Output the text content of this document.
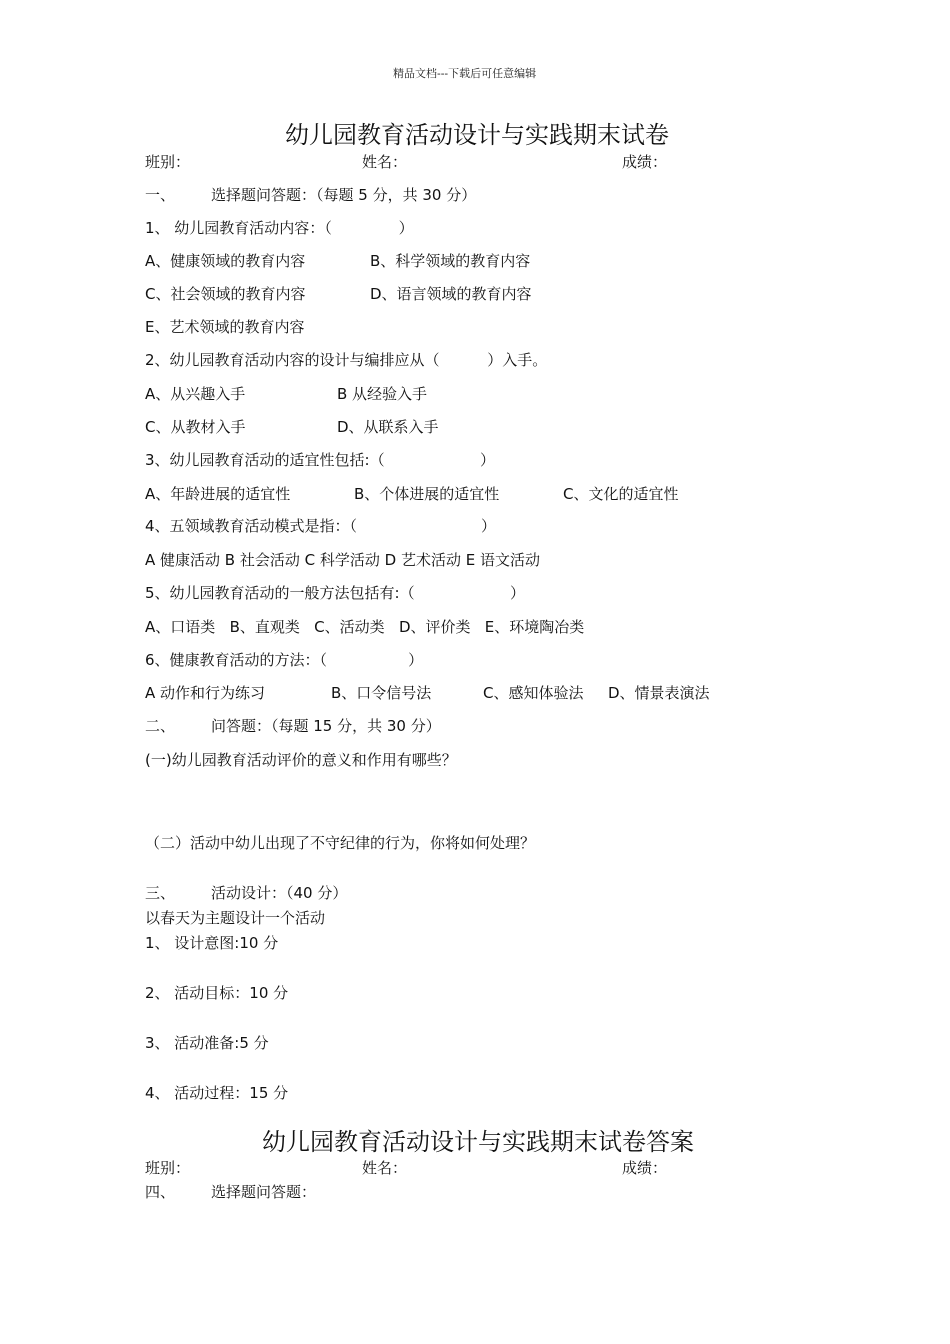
精品文档---下载后可任意编辑
幼儿园教育活动设计与实践期末试卷
班别：	姓名：	成绩：
一、 选择题问答题：（每题 5 分，共 30 分）
1、 幼儿园教育活动内容：（              ）
A、健康领域的教育内容	B、科学领域的教育内容
C、社会领域的教育内容	D、语言领域的教育内容
E、艺术领域的教育内容
2、幼儿园教育活动内容的设计与编排应从（          ）入手。
A、从兴趣入手	B 从经验入手
C、从教材入手	D、从联系入手
3、幼儿园教育活动的适宜性包括:（                    ）
A、年龄进展的适宜性	B、个体进展的适宜性	C、文化的适宜性
4、五领域教育活动模式是指：（                          ）
A 健康活动 B 社会活动 C 科学活动 D 艺术活动 E 语文活动
5、幼儿园教育活动的一般方法包括有:（                    ）
A、口语类   B、直观类   C、活动类   D、评价类   E、环境陶冶类
6、健康教育活动的方法：（                 ）
A 动作和行为练习	B、口令信号法	C、感知体验法 D、情景表演法
二、 问答题：（每题 15 分，共 30 分）
(一)幼儿园教育活动评价的意义和作用有哪些？
（二）活动中幼儿出现了不守纪律的行为，你将如何处理？
三、 活动设计：（40 分）
以春天为主题设计一个活动
1、 设计意图:10 分
2、 活动目标：10 分
3、 活动准备:5 分
4、 活动过程：15 分
幼儿园教育活动设计与实践期末试卷答案
班别：	姓名：	成绩：
四、 选择题问答题：
